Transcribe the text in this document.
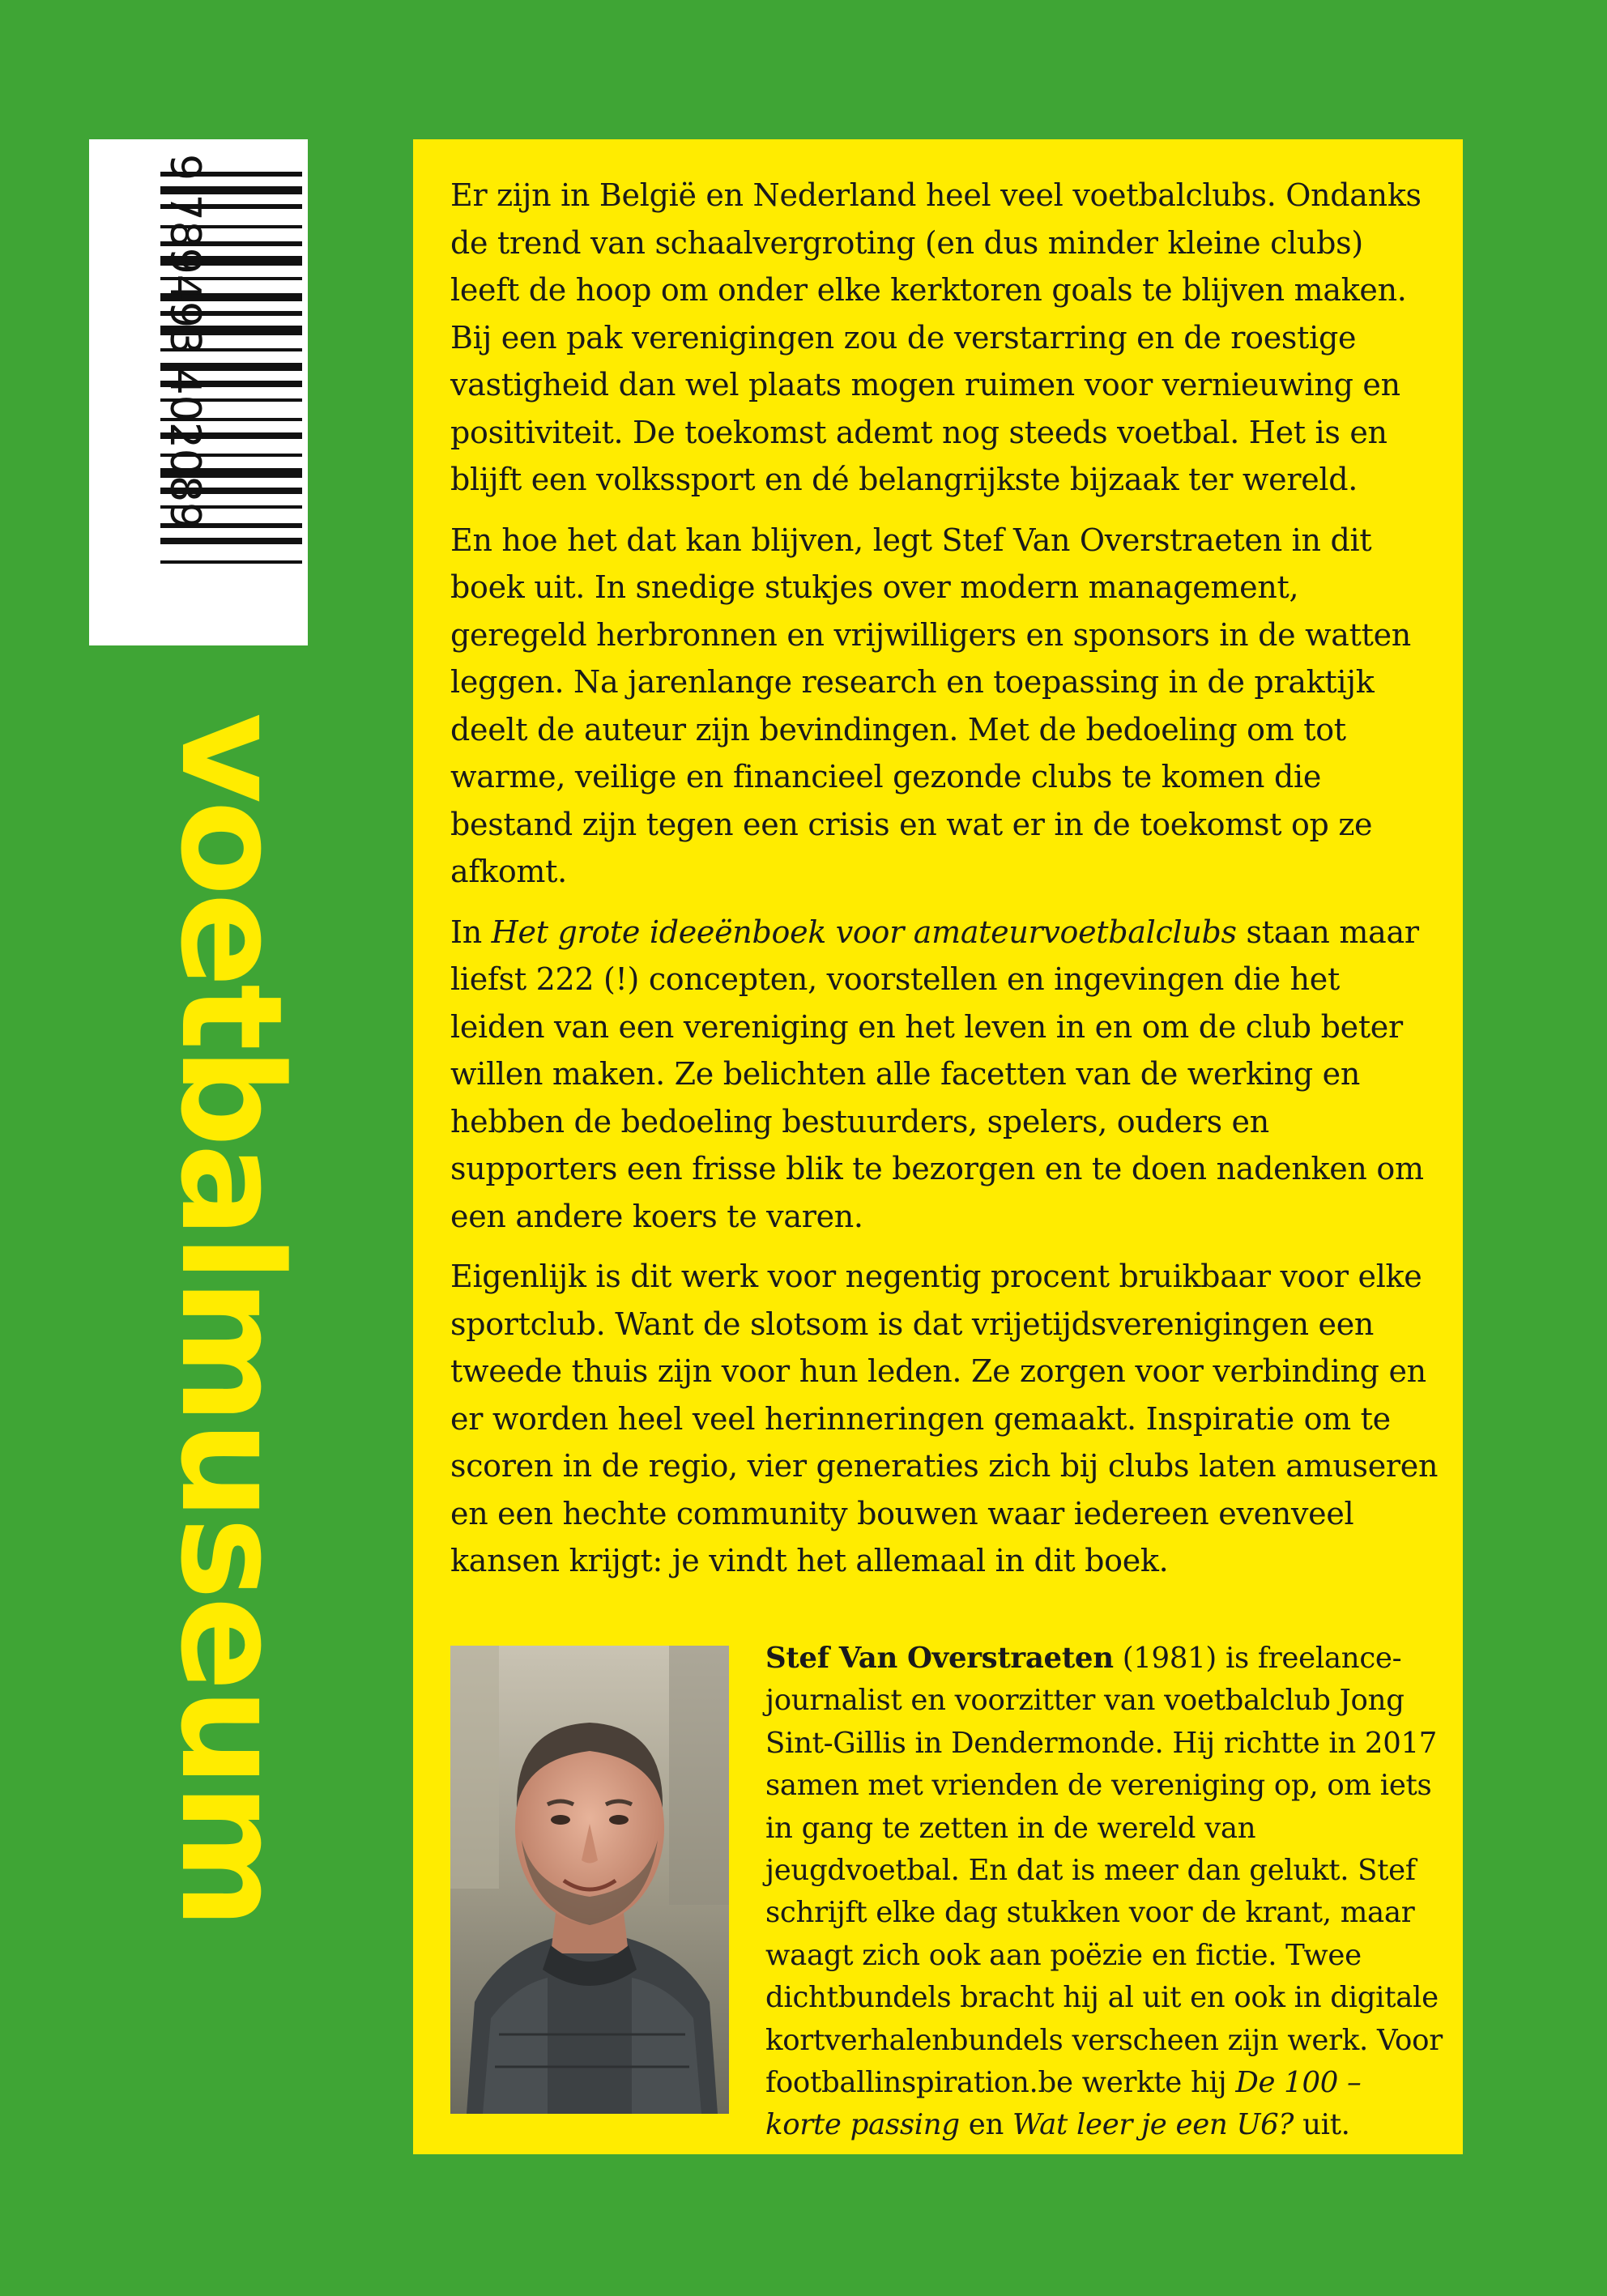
9 789493 402089
voetbalmuseum

Er zijn in België en Nederland heel veel voetbalclubs. Ondanks de trend van schaalvergroting (en dus minder kleine clubs) leeft de hoop om onder elke kerktoren goals te blijven maken. Bij een pak verenigingen zou de verstarring en de roestige vastigheid dan wel plaats mogen ruimen voor vernieuwing en positiviteit. De toekomst ademt nog steeds voetbal. Het is en blijft een volkssport en dé belangrijkste bijzaak ter wereld.

En hoe het dat kan blijven, legt Stef Van Overstraeten in dit boek uit. In snedige stukjes over modern management, geregeld herbronnen en vrijwilligers en sponsors in de watten leggen. Na jarenlange research en toepassing in de praktijk deelt de auteur zijn bevindingen. Met de bedoeling om tot warme, veilige en financieel gezonde clubs te komen die bestand zijn tegen een crisis en wat er in de toekomst op ze afkomt.

In Het grote ideeënboek voor amateurvoetbalclubs staan maar liefst 222 (!) concepten, voorstellen en ingevingen die het leiden van een vereniging en het leven in en om de club beter willen maken. Ze belichten alle facetten van de werking en hebben de bedoeling bestuurders, spelers, ouders en supporters een frisse blik te bezorgen en te doen nadenken om een andere koers te varen.

Eigenlijk is dit werk voor negentig procent bruikbaar voor elke sportclub. Want de slotsom is dat vrijetijdsverenigingen een tweede thuis zijn voor hun leden. Ze zorgen voor verbinding en er worden heel veel herinneringen gemaakt. Inspiratie om te scoren in de regio, vier generaties zich bij clubs laten amuseren en een hechte community bouwen waar iedereen evenveel kansen krijgt: je vindt het allemaal in dit boek.

Stef Van Overstraeten (1981) is freelance-journalist en voorzitter van voetbalclub Jong Sint-Gillis in Dendermonde. Hij richtte in 2017 samen met vrienden de vereniging op, om iets in gang te zetten in de wereld van jeugdvoetbal. En dat is meer dan gelukt. Stef schrijft elke dag stukken voor de krant, maar waagt zich ook aan poëzie en fictie. Twee dichtbundels bracht hij al uit en ook in digitale kortverhalenbundels verscheen zijn werk. Voor footballinspiration.be werkte hij De 100 – korte passing en Wat leer je een U6? uit.
